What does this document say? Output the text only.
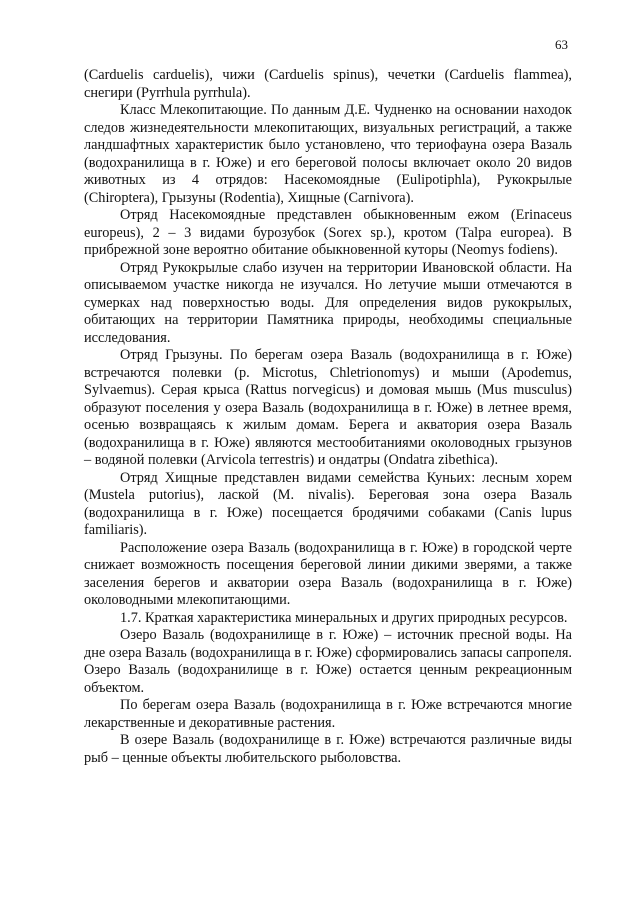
63

(Carduelis carduelis), чижи (Carduelis spinus), чечетки (Carduelis flammea), снегири (Pyrrhula pyrrhula).

Класс Млекопитающие. По данным Д.Е. Чудненко на основании находок следов жизнедеятельности млекопитающих, визуальных регистраций, а также ландшафтных характеристик было установлено, что териофауна озера Вазаль (водохранилища в г. Юже) и его береговой полосы включает около 20 видов животных из 4 отрядов: Насекомоядные (Eulipotiphla), Рукокрылые (Chiroptera), Грызуны (Rodentia), Хищные (Carnivora).

Отряд Насекомоядные представлен обыкновенным ежом (Erinaceus europeus), 2 – 3 видами бурозубок (Sorex sp.), кротом (Talpa europea). В прибрежной зоне вероятно обитание обыкновенной куторы (Neomys fodiens).

Отряд Рукокрылые слабо изучен на территории Ивановской области. На описываемом участке никогда не изучался. Но летучие мыши отмечаются в сумерках над поверхностью воды. Для определения видов рукокрылых, обитающих на территории Памятника природы, необходимы специальные исследования.

Отряд Грызуны. По берегам озера Вазаль (водохранилища в г. Юже) встречаются полевки (p. Microtus, Chletrionomys) и мыши (Apodemus, Sylvaemus). Серая крыса (Rattus norvegicus) и домовая мышь (Mus musculus) образуют поселения у озера Вазаль (водохранилища в г. Юже) в летнее время, осенью возвращаясь к жилым домам. Берега и акватория озера Вазаль (водохранилища в г. Юже) являются местообитаниями околоводных грызунов – водяной полевки (Arvicola terrestris) и ондатры (Ondatra zibethica).

Отряд Хищные представлен видами семейства Куньих: лесным хорем (Mustela putorius), лаской (M. nivalis). Береговая зона озера Вазаль (водохранилища в г. Юже) посещается бродячими собаками (Canis lupus familiaris).

Расположение озера Вазаль (водохранилища в г. Юже) в городской черте снижает возможность посещения береговой линии дикими зверями, а также заселения берегов и акватории озера Вазаль (водохранилища в г. Юже) околоводными млекопитающими.

1.7. Краткая характеристика минеральных и других природных ресурсов.

Озеро Вазаль (водохранилище в г. Юже) – источник пресной воды. На дне озера Вазаль (водохранилища в г. Юже) сформировались запасы сапропеля. Озеро Вазаль (водохранилище в г. Юже) остается ценным рекреационным объектом.

По берегам озера Вазаль (водохранилища в г. Юже встречаются многие лекарственные и декоративные растения.

В озере Вазаль (водохранилище в г. Юже) встречаются различные виды рыб – ценные объекты любительского рыболовства.
